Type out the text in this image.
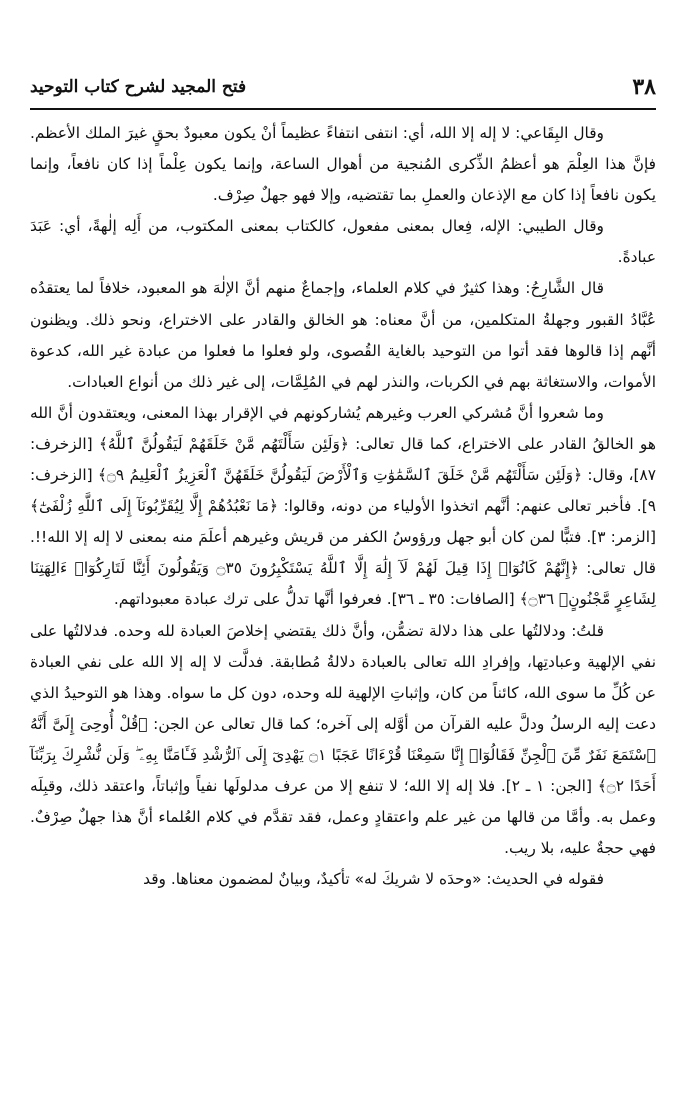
٣٨
فتح المجيد لشرح كتاب التوحيد

وقال البِقَاعي: لا إله إلا الله، أي: انتفى انتفاءً عظيماً أنْ يكون معبودٌ بحقٍ غيرَ الملك الأعظم. فإنَّ هذا العِلْمَ هو أعظمُ الذِّكرى المُنجية من أهوال الساعة، وإنما يكون عِلْماً إذا كان نافعاً، وإنما يكون نافعاً إذا كان مع الإذعان والعملِ بما تقتضيه، وإلا فهو جهلٌ صِرْف.

وقال الطيبي: الإله، فِعال بمعنى مفعول، كالكتاب بمعنى المكتوب، من أَلِه إلٰهةً، أي: عَبَدَ عبادةً.

قال الشَّارِحُ: وهذا كثيرٌ في كلام العلماء، وإجماعٌ منهم أنَّ الإلٰهَ هو المعبود، خلافاً لما يعتقدُه عُبَّادُ القبور وجهلةُ المتكلمين، من أنَّ معناه: هو الخالق والقادر على الاختراع، ونحو ذلك. ويظنون أنَّهم إذا قالوها فقد أتوا من التوحيد بالغاية القُصوى، ولو فعلوا ما فعلوا من عبادة غير الله، كدعوة الأموات، والاستغاثة بهم في الكربات، والنذر لهم في المُلِمَّات، إلى غير ذلك من أنواع العبادات.

وما شعروا أنَّ مُشركي العرب وغيرهم يُشاركونهم في الإقرار بهذا المعنى، ويعتقدون أنَّ الله هو الخالقُ القادر على الاختراع، كما قال تعالى: ﴿وَلَئِن سَأَلْتَهُم مَّنْ خَلَقَهُمْ لَيَقُولُنَّ ٱللَّهُ﴾ [الزخرف: ٨٧]، وقال: ﴿وَلَئِن سَأَلْتَهُم مَّنْ خَلَقَ ٱلسَّمَٰوَٰتِ وَٱلْأَرْضَ لَيَقُولُنَّ خَلَقَهُنَّ ٱلْعَزِيزُ ٱلْعَلِيمُ ۝٩﴾ [الزخرف: ٩]. فأخبر تعالى عنهم: أنَّهم اتخذوا الأولياء من دونه، وقالوا: ﴿مَا نَعْبُدُهُمْ إِلَّا لِيُقَرِّبُونَآ إِلَى ٱللَّهِ زُلْفَىٰٓ﴾ [الزمر: ٣]. فتبًّا لمن كان أبو جهل ورؤوسُ الكفر من قريش وغيرهم أعلَمَ منه بمعنى لا إله إلا الله!!. قال تعالى: ﴿إِنَّهُمْ كَانُوٓا۟ إِذَا قِيلَ لَهُمْ لَآ إِلَٰهَ إِلَّا ٱللَّهُ يَسْتَكْبِرُونَ ۝٣٥ وَيَقُولُونَ أَئِنَّا لَتَارِكُوٓا۟ ءَالِهَتِنَا لِشَاعِرٍ مَّجْنُونٍۭ ۝٣٦﴾ [الصافات: ٣٥ ـ ٣٦]. فعرفوا أنَّها تدلُّ على ترك عبادة معبوداتهم.

قلتُ: ودلالتُها على هذا دلالة تضمُّن، وأنَّ ذلك يقتضي إخلاصَ العبادة لله وحده. فدلالتُها على نفي الإلهية وعبادتِها، وإفرادِ الله تعالى بالعبادة دلالةُ مُطابقة. فدلَّت لا إله إلا الله على نفي العبادة عن كُلِّ ما سوى الله، كائناً من كان، وإثباتِ الإلهية لله وحده، دون كل ما سواه. وهذا هو التوحيدُ الذي دعت إليه الرسلُ ودلَّ عليه القرآن من أوَّله إلى آخره؛ كما قال تعالى عن الجن: ﴿قُلْ أُوحِىَ إِلَىَّ أَنَّهُ ٱسْتَمَعَ نَفَرٌ مِّنَ ٱلْجِنِّ فَقَالُوٓا۟ إِنَّا سَمِعْنَا قُرْءَانًا عَجَبًا ۝١ يَهْدِىٓ إِلَى ٱلرُّشْدِ فَـَٔامَنَّا بِهِۦ ۖ وَلَن نُّشْرِكَ بِرَبِّنَآ أَحَدًا ۝٢﴾ [الجن: ١ ـ ٢]. فلا إله إلا الله؛ لا تنفع إلا من عرف مدلولَها نفياً وإثباتاً، واعتقد ذلك، وقبِلَه وعمل به. وأمَّا من قالها من غير علم واعتقادٍ وعمل، فقد تقدَّم في كلام العُلماء أنَّ هذا جهلٌ صِرْفٌ. فهي حجةٌ عليه، بلا ريب.

فقوله في الحديث: «وحدَه لا شريكَ له» تأكيدٌ، وبيانٌ لمضمون معناها. وقد
